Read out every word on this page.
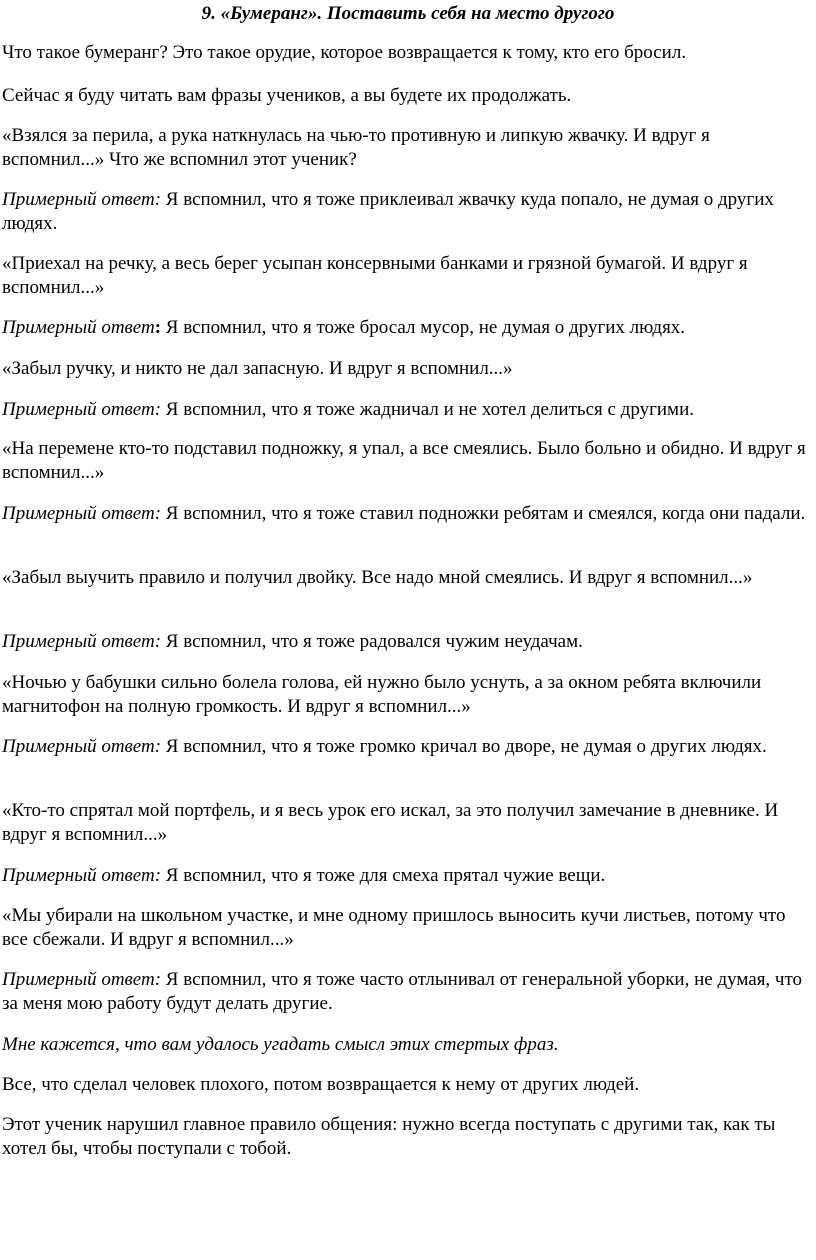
9. «Бумеранг». Поставить себя на место другого

Что такое бумеранг? Это такое орудие, которое возвращается к тому, кто его бросил.

Сейчас я буду читать вам фразы учеников, а вы будете их продолжать.

«Взялся за перила, а рука наткнулась на чью-то противную и липкую жвачку. И вдруг я вспомнил...» Что же вспомнил этот ученик?

Примерный ответ: Я вспомнил, что я тоже приклеивал жвачку куда попало, не думая о других людях.

«Приехал на речку, а весь берег усыпан консервными банками и грязной бумагой. И вдруг я вспомнил...»

Примерный ответ: Я вспомнил, что я тоже бросал мусор, не думая о других людях.

«Забыл ручку, и никто не дал запасную. И вдруг я вспомнил...»

Примерный ответ: Я вспомнил, что я тоже жадничал и не хотел делиться с другими.

«На перемене кто-то подставил подножку, я упал, а все смеялись. Было больно и обидно. И вдруг я вспомнил...»

Примерный ответ: Я вспомнил, что я тоже ставил подножки ребятам и смеялся, когда они падали.

«Забыл выучить правило и получил двойку. Все надо мной смеялись. И вдруг я вспомнил...»

Примерный ответ: Я вспомнил, что я тоже радовался чужим неудачам.

«Ночью у бабушки сильно болела голова, ей нужно было уснуть, а за окном ребята включили магнитофон на полную громкость. И вдруг я вспомнил...»

Примерный ответ: Я вспомнил, что я тоже громко кричал во дворе, не думая о других людях.

«Кто-то спрятал мой портфель, и я весь урок его искал, за это получил замечание в дневнике. И вдруг я вспомнил...»

Примерный ответ: Я вспомнил, что я тоже для смеха прятал чужие вещи.

«Мы убирали на школьном участке, и мне одному пришлось выносить кучи листьев, потому что все сбежали. И вдруг я вспомнил...»

Примерный ответ: Я вспомнил, что я тоже часто отлынивал от генеральной уборки, не думая, что за меня мою работу будут делать другие.

Мне кажется, что вам удалось угадать смысл этих стертых фраз.

Все, что сделал человек плохого, потом возвращается к нему от других людей.

Этот ученик нарушил главное правило общения: нужно всегда поступать с другими так, как ты хотел бы, чтобы поступали с тобой.
